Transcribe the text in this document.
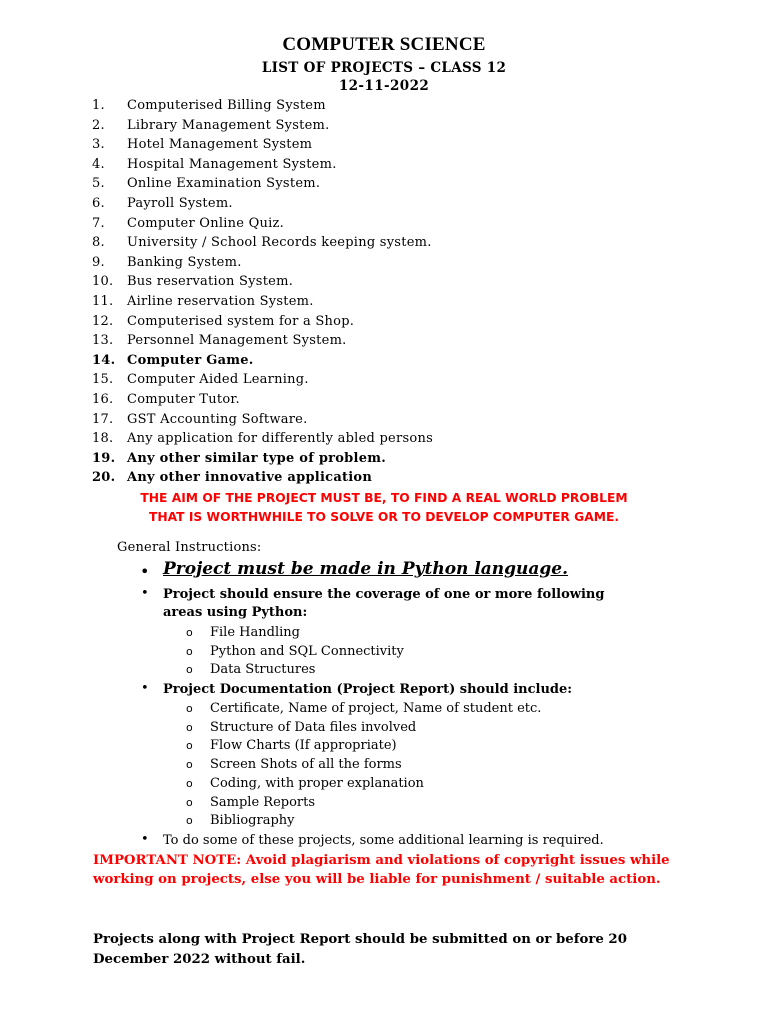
COMPUTER SCIENCE
LIST OF PROJECTS – CLASS 12
12-11-2022
1. Computerised Billing System
2. Library Management System.
3. Hotel Management System
4. Hospital Management System.
5. Online Examination System.
6. Payroll System.
7. Computer Online Quiz.
8. University / School Records keeping system.
9. Banking System.
10. Bus reservation System.
11. Airline reservation System.
12. Computerised system for a Shop.
13. Personnel Management System.
14. Computer Game.
15. Computer Aided Learning.
16. Computer Tutor.
17. GST Accounting Software.
18. Any application for differently abled persons
19. Any other similar type of problem.
20. Any other innovative application
THE AIM OF THE PROJECT MUST BE, TO FIND A REAL WORLD PROBLEM
THAT IS WORTHWHILE TO SOLVE OR TO DEVELOP COMPUTER GAME.
General Instructions:
• Project must be made in Python language.
• Project should ensure the coverage of one or more following
areas using Python:
o File Handling
o Python and SQL Connectivity
o Data Structures
• Project Documentation (Project Report) should include:
o Certificate, Name of project, Name of student etc.
o Structure of Data files involved
o Flow Charts (If appropriate)
o Screen Shots of all the forms
o Coding, with proper explanation
o Sample Reports
o Bibliography
• To do some of these projects, some additional learning is required.
IMPORTANT NOTE: Avoid plagiarism and violations of copyright issues while working on projects, else you will be liable for punishment / suitable action.
Projects along with Project Report should be submitted on or before 20 December 2022 without fail.
